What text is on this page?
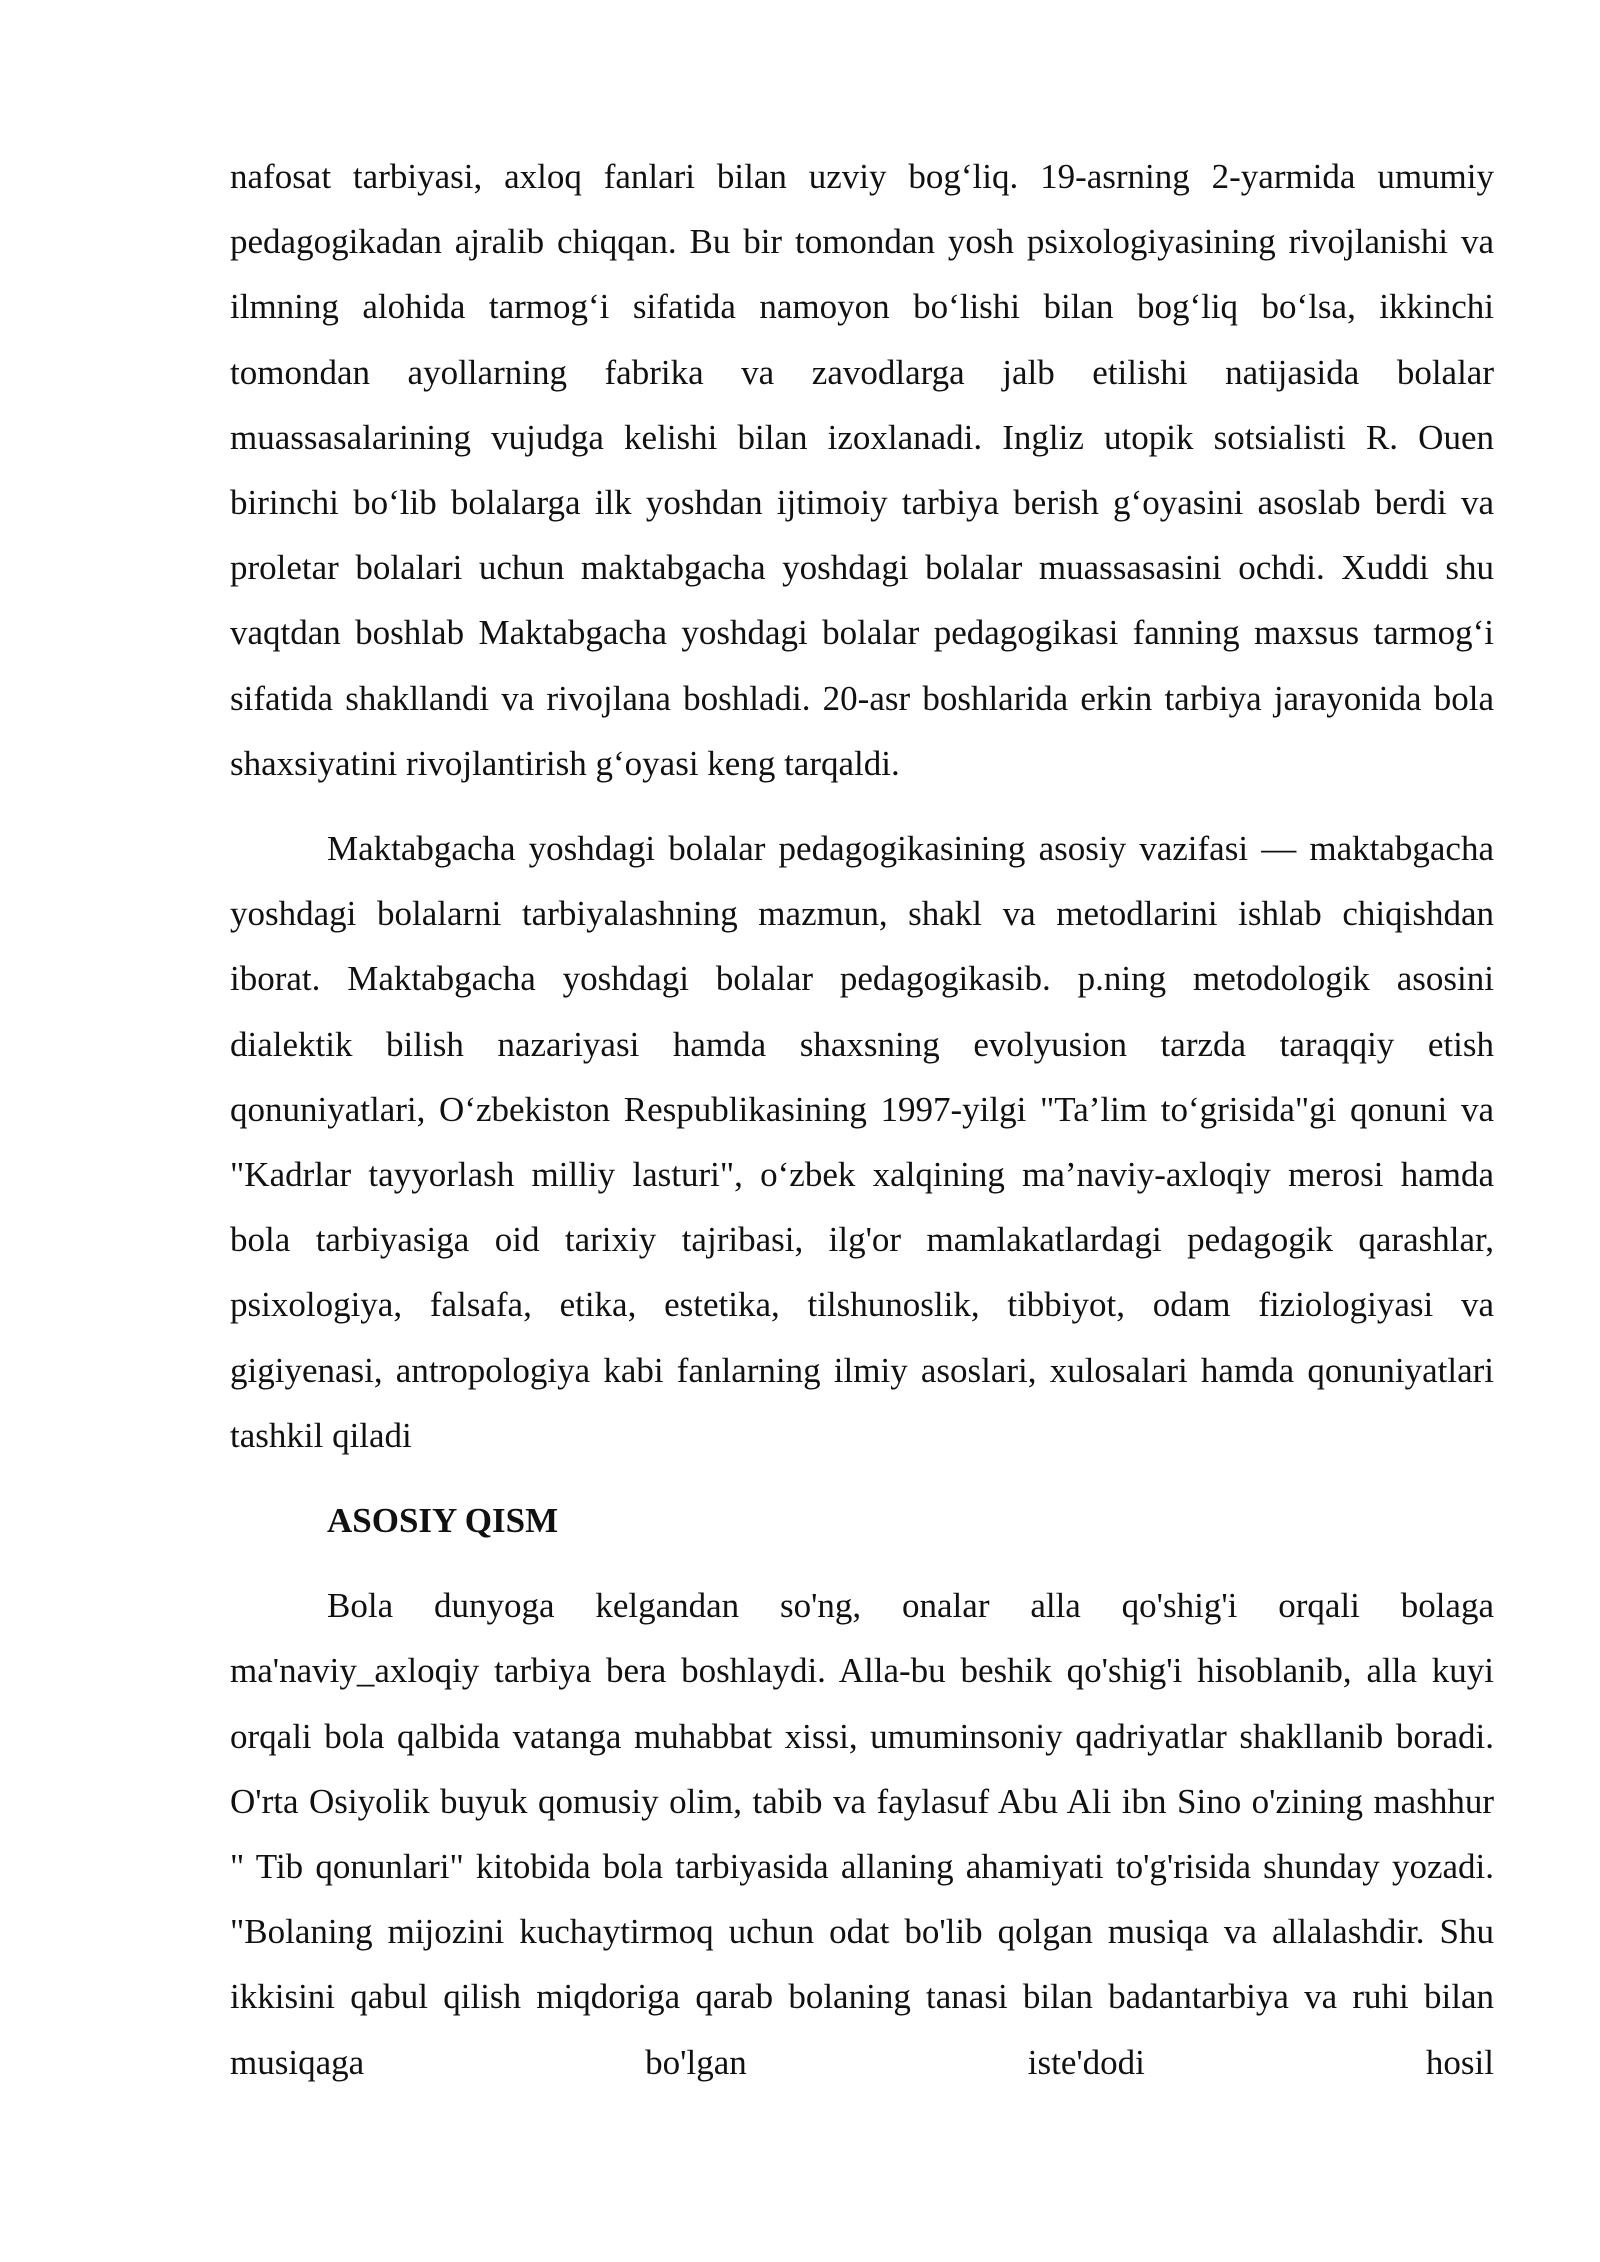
nafosat tarbiyasi, axloq fanlari bilan uzviy bog‘liq. 19-asrning 2-yarmida umumiy pedagogikadan ajralib chiqqan. Bu bir tomondan yosh psixologiyasining rivojlanishi va ilmning alohida tarmog‘i sifatida namoyon bo‘lishi bilan bog‘liq bo‘lsa, ikkinchi tomondan ayollarning fabrika va zavodlarga jalb etilishi natijasida bolalar muassasalarining vujudga kelishi bilan izoxlanadi. Ingliz utopik sotsialisti R. Ouen birinchi bo‘lib bolalarga ilk yoshdan ijtimoiy tarbiya berish g‘oyasini asoslab berdi va proletar bolalari uchun maktabgacha yoshdagi bolalar muassasasini ochdi. Xuddi shu vaqtdan boshlab Maktabgacha yoshdagi bolalar pedagogikasi fanning maxsus tarmog‘i sifatida shakllandi va rivojlana boshladi. 20-asr boshlarida erkin tarbiya jarayonida bola shaxsiyatini rivojlantirish g‘oyasi keng tarqaldi.

Maktabgacha yoshdagi bolalar pedagogikasining asosiy vazifasi — maktabgacha yoshdagi bolalarni tarbiyalashning mazmun, shakl va metodlarini ishlab chiqishdan iborat. Maktabgacha yoshdagi bolalar pedagogikasib. p.ning metodologik asosini dialektik bilish nazariyasi hamda shaxsning evolyusion tarzda taraqqiy etish qonuniyatlari, O‘zbekiston Respublikasining 1997-yilgi "Ta’lim to‘grisida"gi qonuni va "Kadrlar tayyorlash milliy lasturi", o‘zbek xalqining ma’naviy-axloqiy merosi hamda bola tarbiyasiga oid tarixiy tajribasi, ilg'or mamlakatlardagi pedagogik qarashlar, psixologiya, falsafa, etika, estetika, tilshunoslik, tibbiyot, odam fiziologiyasi va gigiyenasi, antropologiya kabi fanlarning ilmiy asoslari, xulosalari hamda qonuniyatlari tashkil qiladi

ASOSIY QISM

Bola dunyoga kelgandan so'ng, onalar alla qo'shig'i orqali bolaga ma'naviy_axloqiy tarbiya bera boshlaydi. Alla-bu beshik qo'shig'i hisoblanib, alla kuyi orqali bola qalbida vatanga muhabbat xissi, umuminsoniy qadriyatlar shakllanib boradi. O'rta Osiyolik buyuk qomusiy olim, tabib va faylasuf Abu Ali ibn Sino o'zining mashhur " Tib qonunlari" kitobida bola tarbiyasida allaning ahamiyati to'g'risida shunday yozadi. "Bolaning mijozini kuchaytirmoq uchun odat bo'lib qolgan musiqa va allalashdir. Shu ikkisini qabul qilish miqdoriga qarab bolaning tanasi bilan badantarbiya va ruhi bilan musiqaga bo'lgan iste'dodi hosil
